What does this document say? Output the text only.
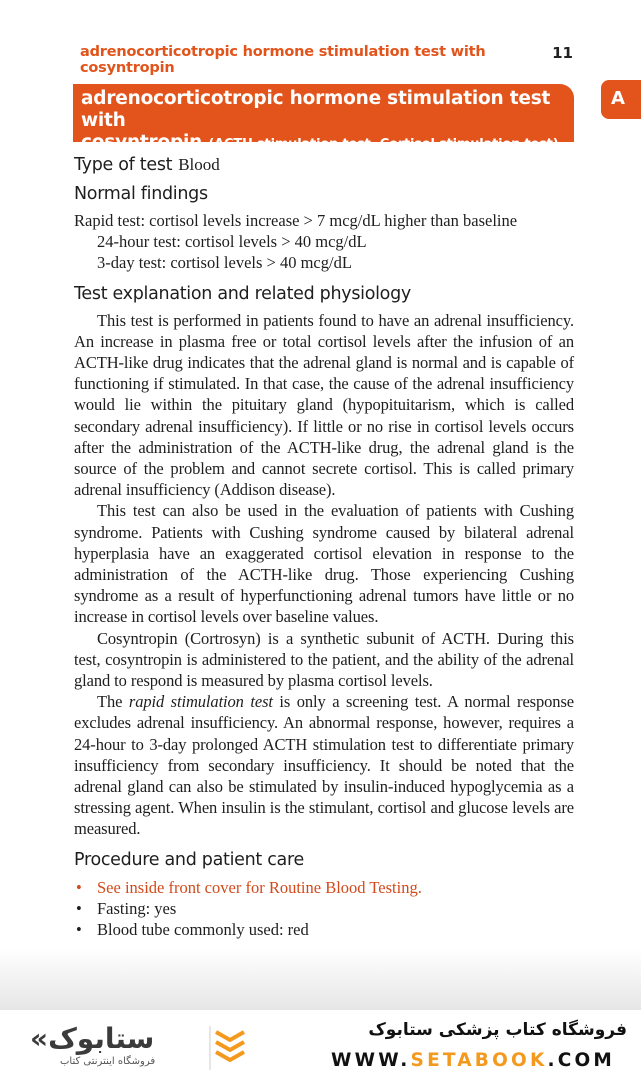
adrenocorticotropic hormone stimulation test with cosyntropin
11
A
adrenocorticotropic hormone stimulation test with
cosyntropin (ACTH stimulation test, Cortisol stimulation test)
Type of test Blood
Normal findings
Rapid test: cortisol levels increase > 7 mcg/dL higher than baseline
24-hour test: cortisol levels > 40 mcg/dL
3-day test: cortisol levels > 40 mcg/dL
Test explanation and related physiology

This test is performed in patients found to have an adrenal insufficiency. An increase in plasma free or total cortisol levels after the infusion of an ACTH-like drug indicates that the adrenal gland is normal and is capable of functioning if stimulated. In that case, the cause of the adrenal insufficiency would lie within the pituitary gland (hypopituitarism, which is called secondary adrenal insufficiency). If little or no rise in cortisol levels occurs after the administration of the ACTH-like drug, the adrenal gland is the source of the problem and cannot secrete cortisol. This is called primary adrenal insufficiency (Addison disease).

This test can also be used in the evaluation of patients with Cushing syndrome. Patients with Cushing syndrome caused by bilateral adrenal hyperplasia have an exaggerated cortisol elevation in response to the administration of the ACTH-like drug. Those experiencing Cushing syndrome as a result of hyperfunctioning adrenal tumors have little or no increase in cortisol levels over baseline values.

Cosyntropin (Cortrosyn) is a synthetic subunit of ACTH. During this test, cosyntropin is administered to the patient, and the ability of the adrenal gland to respond is measured by plasma cortisol levels.

The rapid stimulation test is only a screening test. A normal response excludes adrenal insufficiency. An abnormal response, however, requires a 24-hour to 3-day prolonged ACTH stimulation test to differentiate primary insufficiency from secondary insufficiency. It should be noted that the adrenal gland can also be stimulated by insulin-induced hypoglycemia as a stressing agent. When insulin is the stimulant, cortisol and glucose levels are measured.

Procedure and patient care
• See inside front cover for Routine Blood Testing.
• Fasting: yes
• Blood tube commonly used: red
فروشگاه کتاب پزشکی ستابوک
WWW.SETABOOK.COM
«ستابوک
فروشگاه اینترنتی کتاب
